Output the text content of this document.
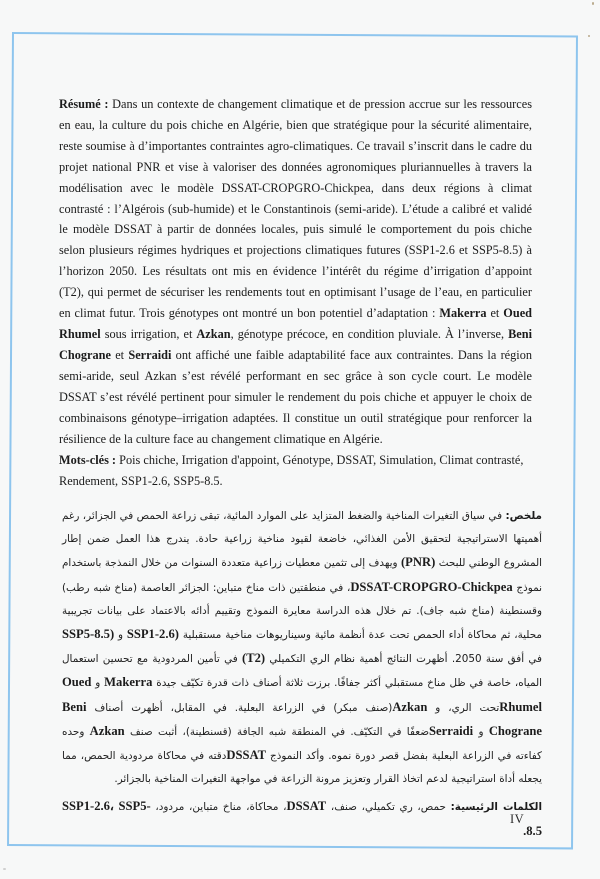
Résumé : Dans un contexte de changement climatique et de pression accrue sur les ressources en eau, la culture du pois chiche en Algérie, bien que stratégique pour la sécurité alimentaire, reste soumise à d’importantes contraintes agro-climatiques. Ce travail s’inscrit dans le cadre du projet national PNR et vise à valoriser des données agronomiques pluriannuelles à travers la modélisation avec le modèle DSSAT-CROPGRO-Chickpea, dans deux régions à climat contrasté : l’Algérois (sub-humide) et le Constantinois (semi-aride). L’étude a calibré et validé le modèle DSSAT à partir de données locales, puis simulé le comportement du pois chiche selon plusieurs régimes hydriques et projections climatiques futures (SSP1-2.6 et SSP5-8.5) à l’horizon 2050. Les résultats ont mis en évidence l’intérêt du régime d’irrigation d’appoint (T2), qui permet de sécuriser les rendements tout en optimisant l’usage de l’eau, en particulier en climat futur. Trois génotypes ont montré un bon potentiel d’adaptation : Makerra et Oued Rhumel sous irrigation, et Azkan, génotype précoce, en condition pluviale. À l’inverse, Beni Chograne et Serraidi ont affiché une faible adaptabilité face aux contraintes. Dans la région semi-aride, seul Azkan s’est révélé performant en sec grâce à son cycle court. Le modèle DSSAT s’est révélé pertinent pour simuler le rendement du pois chiche et appuyer le choix de combinaisons génotype–irrigation adaptées. Il constitue un outil stratégique pour renforcer la résilience de la culture face au changement climatique en Algérie.

Mots-clés : Pois chiche, Irrigation d'appoint, Génotype, DSSAT, Simulation, Climat contrasté, Rendement, SSP1-2.6, SSP5-8.5.

ملخص: في سياق التغيرات المناخية والضغط المتزايد على الموارد المائية، تبقى زراعة الحمص في الجزائر، رغم أهميتها الاستراتيجية لتحقيق الأمن الغذائي، خاضعة لقيود مناخية زراعية حادة. يندرج هذا العمل ضمن إطار المشروع الوطني للبحث (PNR) ويهدف إلى تثمين معطيات زراعية متعددة السنوات من خلال النمذجة باستخدام نموذج DSSAT-CROPGRO-Chickpea، في منطقتين ذات مناخ متباين: الجزائر العاصمة (مناخ شبه رطب) وقسنطينة (مناخ شبه جاف). تم خلال هذه الدراسة معايرة النموذج وتقييم أدائه بالاعتماد على بيانات تجريبية محلية، ثم محاكاة أداء الحمص تحت عدة أنظمة مائية وسيناريوهات مناخية مستقبلية (SSP1-2.6 و (SSP5-8.5 في أفق سنة 2050. أظهرت النتائج أهمية نظام الري التكميلي (T2) في تأمين المردودية مع تحسين استعمال المياه، خاصة في ظل مناخ مستقبلي أكثر جفافًا. برزت ثلاثة أصناف ذات قدرة تكيّف جيدة Makerra و Oued Rhumelتحت الري، و Azkan(صنف مبكر) في الزراعة البعلية. في المقابل، أظهرت أصناف Beni Chograne و Serraidiضعفًا في التكيّف. في المنطقة شبه الجافة (قسنطينة)، أثبت صنف Azkan وحده كفاءته في الزراعة البعلية بفضل قصر دورة نموه. وأكد النموذج DSSATدقته في محاكاة مردودية الحمص، مما يجعله أداة استراتيجية لدعم اتخاذ القرار وتعزيز مرونة الزراعة في مواجهة التغيرات المناخية بالجزائر.

الكلمات الرئيسية: حمص، ري تكميلي، صنف، DSSAT، محاكاة، مناخ متباين، مردود، SSP1-2.6، SSP5-8.5.

IV
